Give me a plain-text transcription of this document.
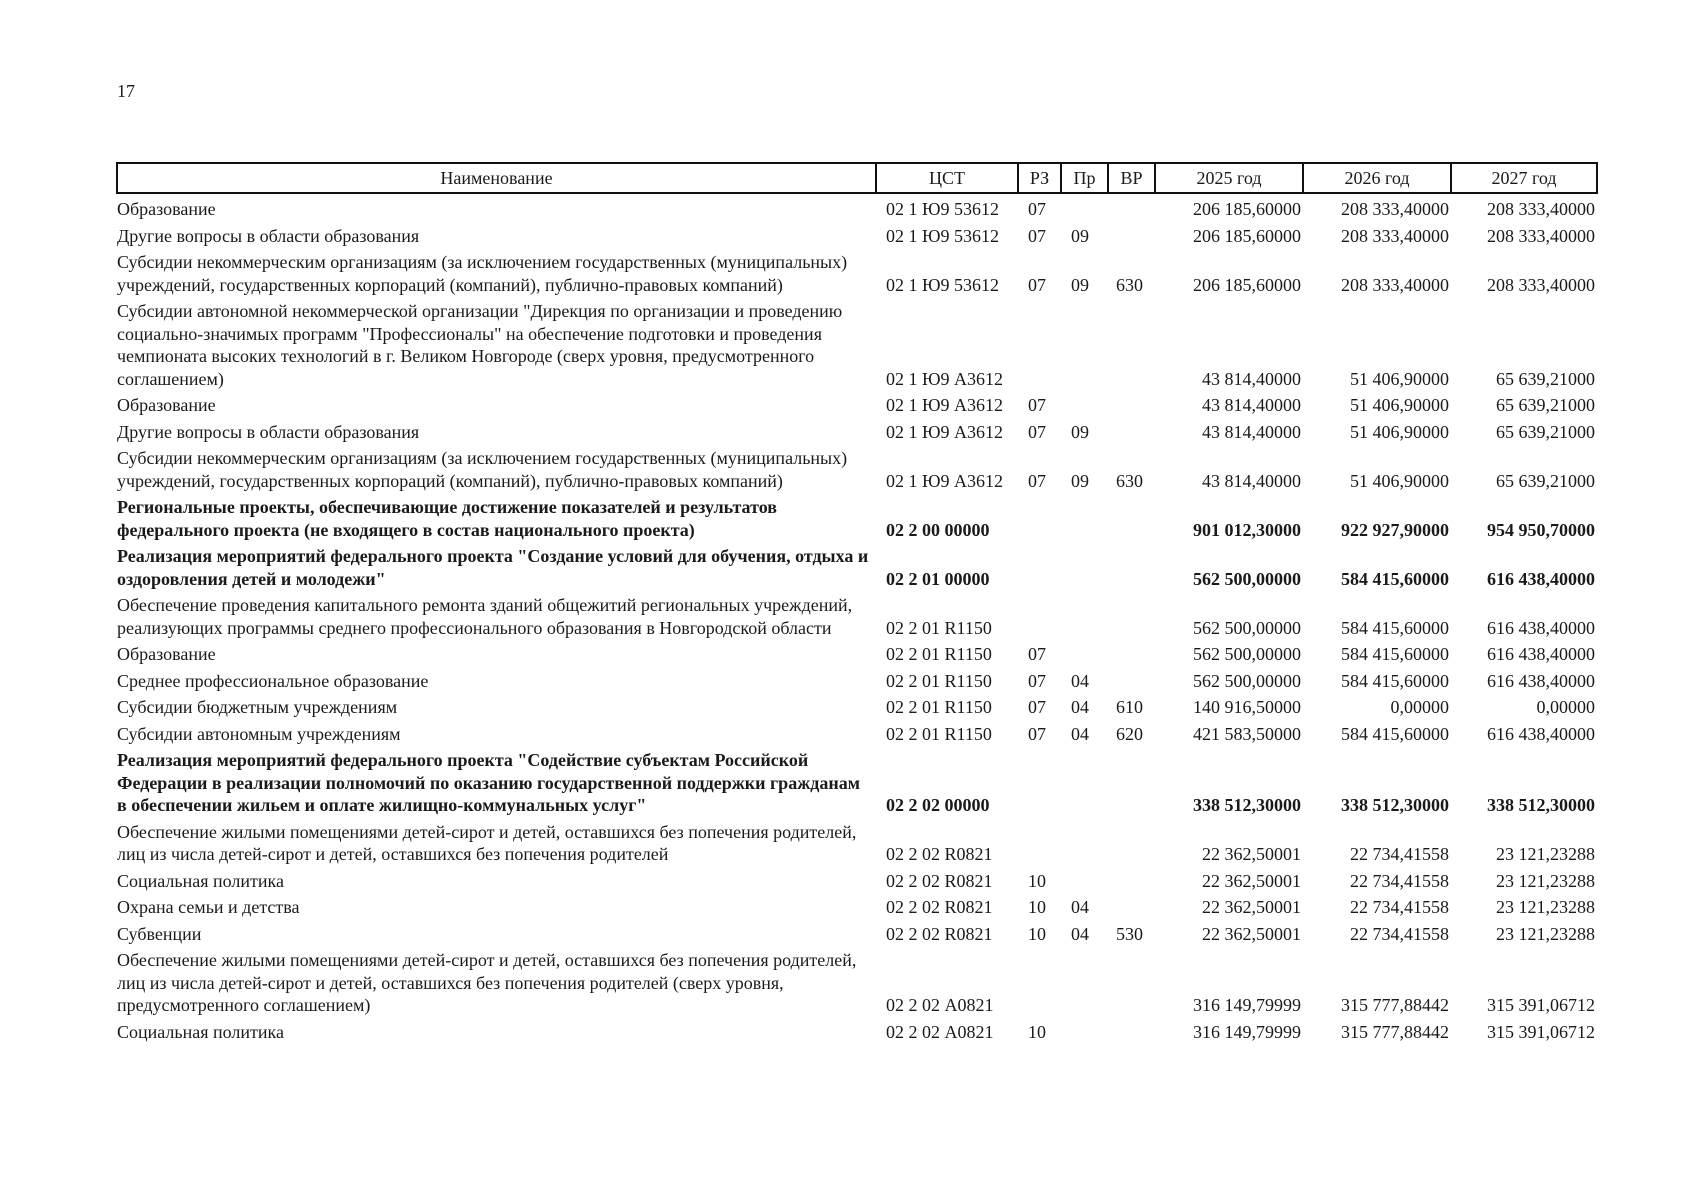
17
Наименование	ЦСТ	РЗ	Пр	ВР	2025 год	2026 год	2027 год
Образование	02 1 Ю9 53612	07			206 185,60000	208 333,40000	208 333,40000
Другие вопросы в области образования	02 1 Ю9 53612	07	09		206 185,60000	208 333,40000	208 333,40000
Субсидии некоммерческим организациям (за исключением государственных (муниципальных) учреждений, государственных корпораций (компаний), публично-правовых компаний)	02 1 Ю9 53612	07	09	630	206 185,60000	208 333,40000	208 333,40000
Субсидии автономной некоммерческой организации "Дирекция по организации и проведению социально-значимых программ "Профессионалы" на обеспечение подготовки и проведения чемпионата высоких технологий в г. Великом Новгороде (сверх уровня, предусмотренного соглашением)	02 1 Ю9 А3612				43 814,40000	51 406,90000	65 639,21000
Образование	02 1 Ю9 А3612	07			43 814,40000	51 406,90000	65 639,21000
Другие вопросы в области образования	02 1 Ю9 А3612	07	09		43 814,40000	51 406,90000	65 639,21000
Субсидии некоммерческим организациям (за исключением государственных (муниципальных) учреждений, государственных корпораций (компаний), публично-правовых компаний)	02 1 Ю9 А3612	07	09	630	43 814,40000	51 406,90000	65 639,21000
Региональные проекты, обеспечивающие достижение показателей и результатов федерального проекта (не входящего в состав национального проекта)	02 2 00 00000				901 012,30000	922 927,90000	954 950,70000
Реализация мероприятий федерального проекта "Создание условий для обучения, отдыха и оздоровления детей и молодежи"	02 2 01 00000				562 500,00000	584 415,60000	616 438,40000
Обеспечение проведения капитального ремонта зданий общежитий региональных учреждений, реализующих программы среднего профессионального образования в Новгородской области	02 2 01 R1150				562 500,00000	584 415,60000	616 438,40000
Образование	02 2 01 R1150	07			562 500,00000	584 415,60000	616 438,40000
Среднее профессиональное образование	02 2 01 R1150	07	04		562 500,00000	584 415,60000	616 438,40000
Субсидии бюджетным учреждениям	02 2 01 R1150	07	04	610	140 916,50000	0,00000	0,00000
Субсидии автономным учреждениям	02 2 01 R1150	07	04	620	421 583,50000	584 415,60000	616 438,40000
Реализация мероприятий федерального проекта "Содействие субъектам Российской Федерации в реализации полномочий по оказанию государственной поддержки гражданам в обеспечении жильем и оплате жилищно-коммунальных услуг"	02 2 02 00000				338 512,30000	338 512,30000	338 512,30000
Обеспечение жилыми помещениями детей-сирот и детей, оставшихся без попечения родителей, лиц из числа детей-сирот и детей, оставшихся без попечения родителей	02 2 02 R0821				22 362,50001	22 734,41558	23 121,23288
Социальная политика	02 2 02 R0821	10			22 362,50001	22 734,41558	23 121,23288
Охрана семьи и детства	02 2 02 R0821	10	04		22 362,50001	22 734,41558	23 121,23288
Субвенции	02 2 02 R0821	10	04	530	22 362,50001	22 734,41558	23 121,23288
Обеспечение жилыми помещениями детей-сирот и детей, оставшихся без попечения родителей, лиц из числа детей-сирот и детей, оставшихся без попечения родителей (сверх уровня, предусмотренного соглашением)	02 2 02 А0821				316 149,79999	315 777,88442	315 391,06712
Социальная политика	02 2 02 А0821	10			316 149,79999	315 777,88442	315 391,06712
